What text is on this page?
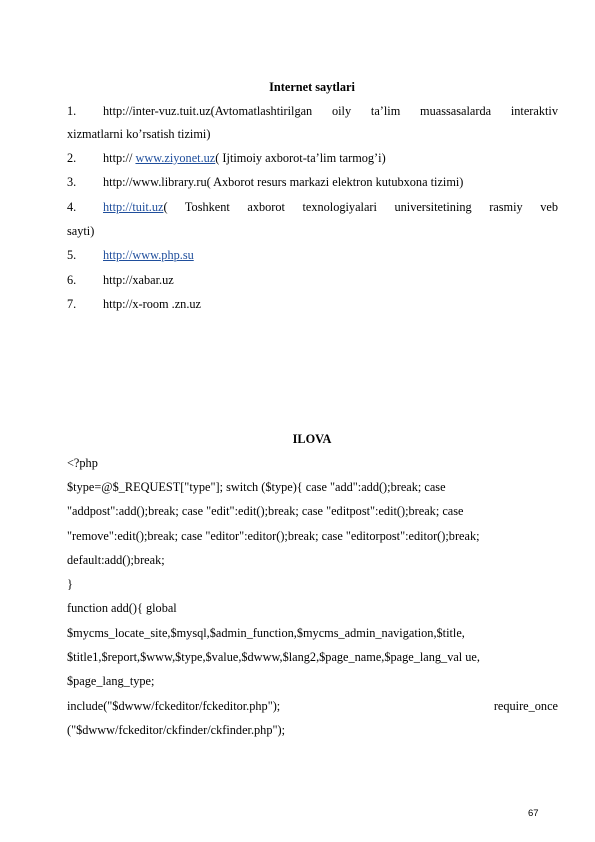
Internet saytlari
1. http://inter-vuz.tuit.uz(Avtomatlashtirilgan oily ta’lim muassasalarda interaktiv
xizmatlarni ko’rsatish tizimi)
2. http:// www.ziyonet.uz( Ijtimoiy axborot-ta’lim tarmog’i)
3. http://www.library.ru( Axborot resurs markazi elektron kutubxona tizimi)
4. http://tuit.uz ( Toshkent axborot texnologiyalari universitetining rasmiy veb
sayti)
5. http://www.php.su
6. http://xabar.uz
7. http://x-room .zn.uz
ILOVA
<?php
$type=@$_REQUEST["type"]; switch ($type){ case "add":add();break; case
"addpost":add();break; case "edit":edit();break; case "editpost":edit();break; case
"remove":edit();break; case "editor":editor();break; case "editorpost":editor();break;
default:add();break;
}
function add(){ global
$mycms_locate_site,$mysql,$admin_function,$mycms_admin_navigation,$title,
$title1,$report,$www,$type,$value,$dwww,$lang2,$page_name,$page_lang_val ue,
$page_lang_type;
include("$dwww/fckeditor/fckeditor.php");	require_once
("$dwww/fckeditor/ckfinder/ckfinder.php");
67
